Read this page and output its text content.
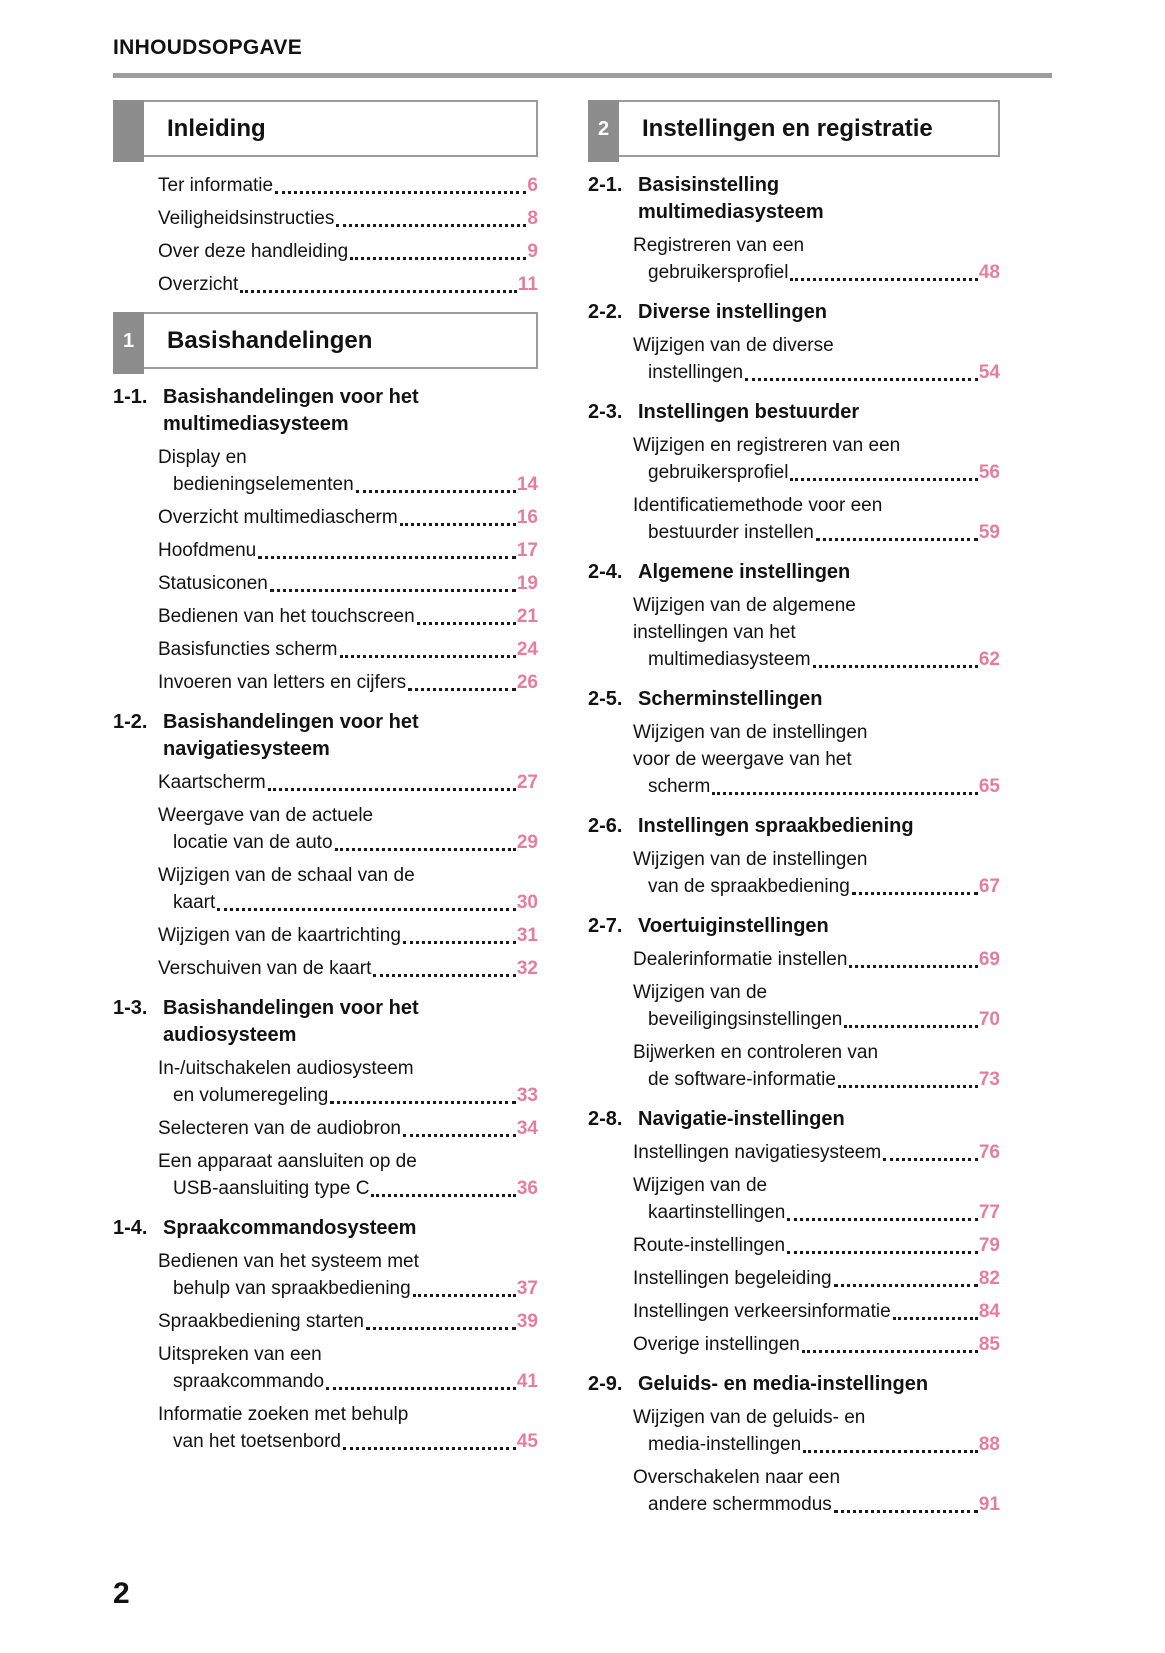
INHOUDSOPGAVE
Inleiding
Ter informatie	6
Veiligheidsinstructies	8
Over deze handleiding	9
Overzicht	11
1	Basishandelingen
1-1. Basishandelingen voor het
multimediasysteem
Display en
bedieningselementen	14
Overzicht multimediascherm	16
Hoofdmenu	17
Statusiconen	19
Bedienen van het touchscreen	21
Basisfuncties scherm	24
Invoeren van letters en cijfers	26
1-2. Basishandelingen voor het
navigatiesysteem
Kaartscherm	27
Weergave van de actuele
locatie van de auto	29
Wijzigen van de schaal van de
kaart	30
Wijzigen van de kaartrichting	31
Verschuiven van de kaart	32
1-3. Basishandelingen voor het
audiosysteem
In-/uitschakelen audiosysteem
en volumeregeling	33
Selecteren van de audiobron	34
Een apparaat aansluiten op de
USB-aansluiting type C	36
1-4. Spraakcommandosysteem
Bedienen van het systeem met
behulp van spraakbediening	37
Spraakbediening starten	39
Uitspreken van een
spraakcommando	41
Informatie zoeken met behulp
van het toetsenbord	45
2	Instellingen en registratie
2-1. Basisinstelling
multimediasysteem
Registreren van een
gebruikersprofiel	48
2-2. Diverse instellingen
Wijzigen van de diverse
instellingen	54
2-3. Instellingen bestuurder
Wijzigen en registreren van een
gebruikersprofiel	56
Identificatiemethode voor een
bestuurder instellen	59
2-4. Algemene instellingen
Wijzigen van de algemene
instellingen van het
multimediasysteem	62
2-5. Scherminstellingen
Wijzigen van de instellingen
voor de weergave van het
scherm	65
2-6. Instellingen spraakbediening
Wijzigen van de instellingen
van de spraakbediening	67
2-7. Voertuiginstellingen
Dealerinformatie instellen	69
Wijzigen van de
beveiligingsinstellingen	70
Bijwerken en controleren van
de software-informatie	73
2-8. Navigatie-instellingen
Instellingen navigatiesysteem	76
Wijzigen van de
kaartinstellingen	77
Route-instellingen	79
Instellingen begeleiding	82
Instellingen verkeersinformatie	84
Overige instellingen	85
2-9. Geluids- en media-instellingen
Wijzigen van de geluids- en
media-instellingen	88
Overschakelen naar een
andere schermmodus	91
2
